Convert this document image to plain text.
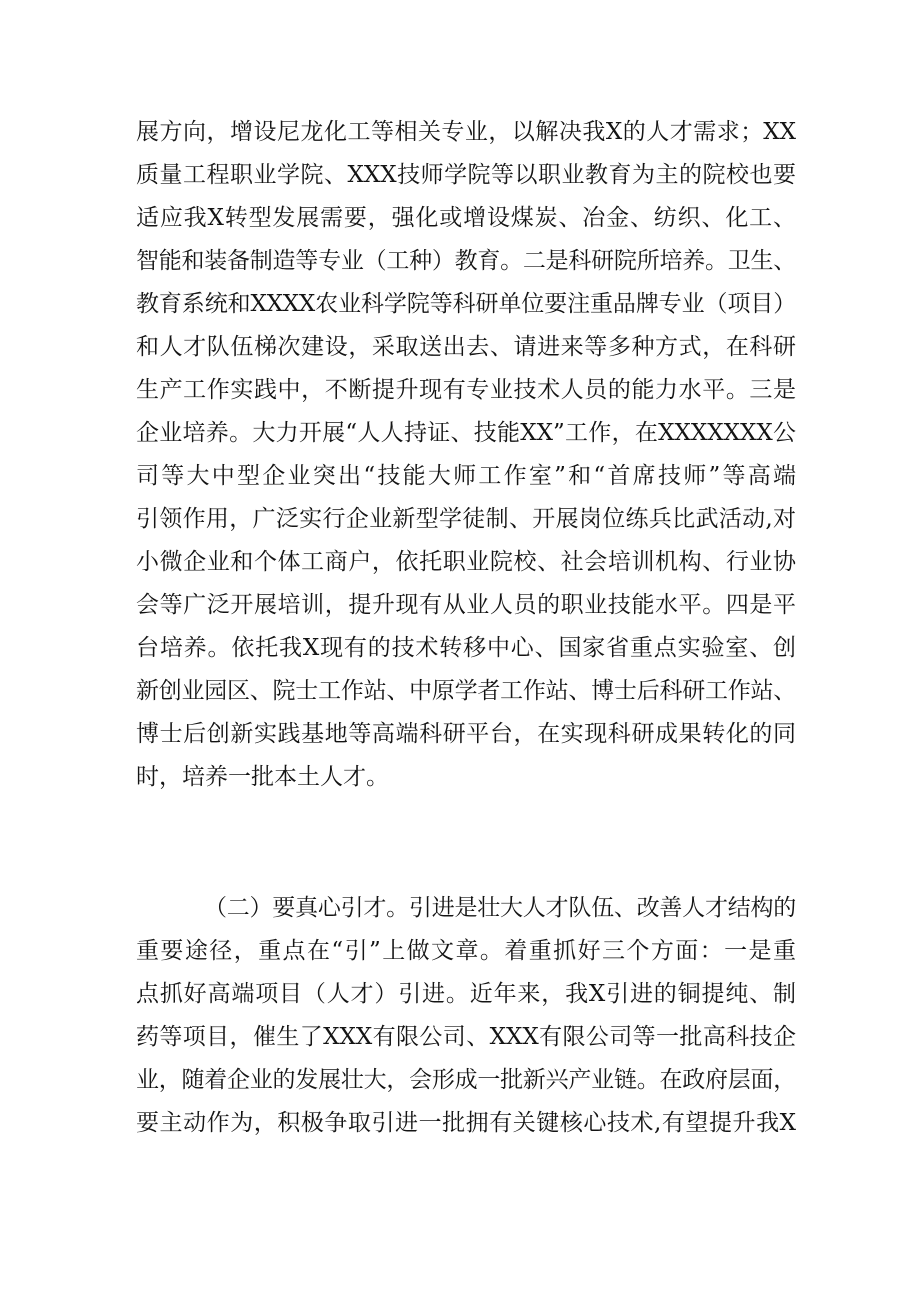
展方向，增设尼龙化工等相关专业，以解决我X的人才需求；XX
质量工程职业学院、XXX技师学院等以职业教育为主的院校也要
适应我X转型发展需要，强化或增设煤炭、冶金、纺织、化工、
智能和装备制造等专业（工种）教育。二是科研院所培养。卫生、
教育系统和XXXX农业科学院等科研单位要注重品牌专业（项目）
和人才队伍梯次建设，采取送出去、请进来等多种方式，在科研
生产工作实践中，不断提升现有专业技术人员的能力水平。三是
企业培养。大力开展“人人持证、技能XX”工作，在XXXXXXX公
司等大中型企业突出“技能大师工作室”和“首席技师”等高端
引领作用，广泛实行企业新型学徒制、开展岗位练兵比武活动,对
小微企业和个体工商户，依托职业院校、社会培训机构、行业协
会等广泛开展培训，提升现有从业人员的职业技能水平。四是平
台培养。依托我X现有的技术转移中心、国家省重点实验室、创
新创业园区、院士工作站、中原学者工作站、博士后科研工作站、
博士后创新实践基地等高端科研平台，在实现科研成果转化的同
时，培养一批本土人才。
（二）要真心引才。引进是壮大人才队伍、改善人才结构的
重要途径，重点在“引”上做文章。着重抓好三个方面：一是重
点抓好高端项目（人才）引进。近年来，我X引进的铜提纯、制
药等项目，催生了XXX有限公司、XXX有限公司等一批高科技企
业，随着企业的发展壮大，会形成一批新兴产业链。在政府层面，
要主动作为，积极争取引进一批拥有关键核心技术,有望提升我X
